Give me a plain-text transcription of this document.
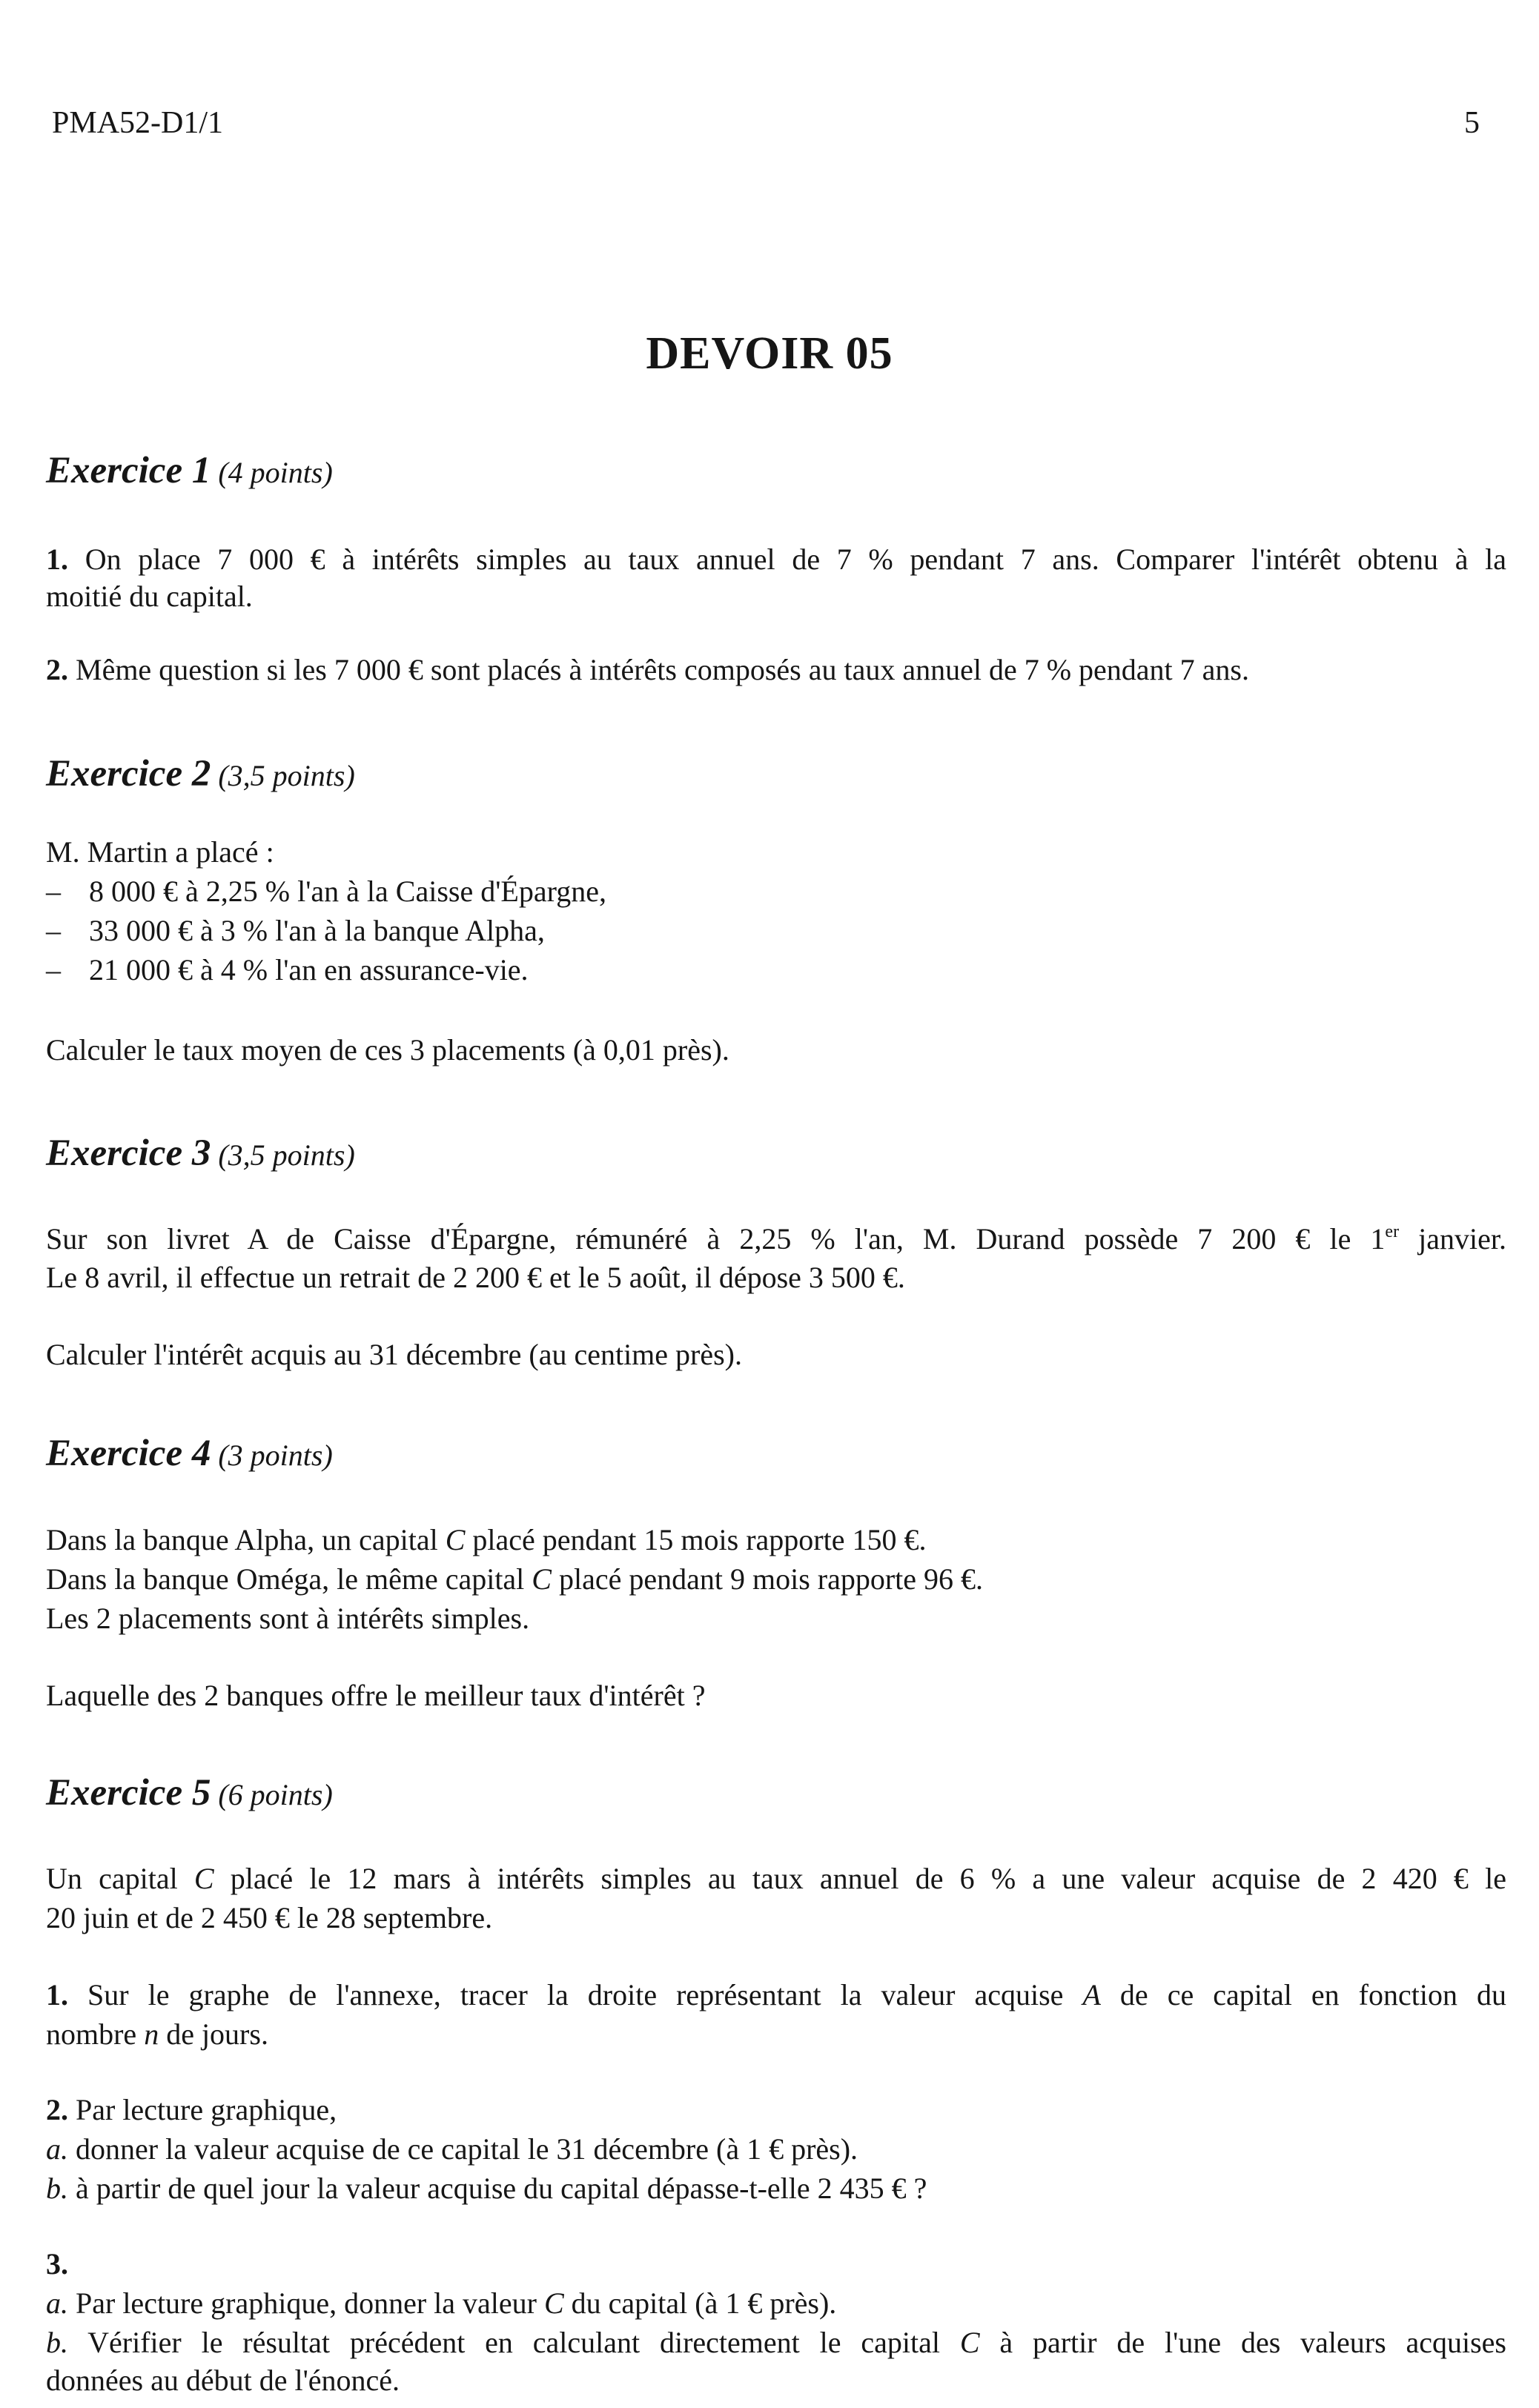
PMA52-D1/1	5
DEVOIR 05
Exercice 1 (4 points)
1. On place 7 000 € à intérêts simples au taux annuel de 7 % pendant 7 ans. Comparer l'intérêt obtenu à la
moitié du capital.
2. Même question si les 7 000 € sont placés à intérêts composés au taux annuel de 7 % pendant 7 ans.
Exercice 2 (3,5 points)
M. Martin a placé :
– 8 000 € à 2,25 % l'an à la Caisse d'Épargne,
– 33 000 € à 3 % l'an à la banque Alpha,
– 21 000 € à 4 % l'an en assurance-vie.
Calculer le taux moyen de ces 3 placements (à 0,01 près).
Exercice 3 (3,5 points)
Sur son livret A de Caisse d'Épargne, rémunéré à 2,25 % l'an, M. Durand possède 7 200 € le 1er janvier.
Le 8 avril, il effectue un retrait de 2 200 € et le 5 août, il dépose 3 500 €.
Calculer l'intérêt acquis au 31 décembre (au centime près).
Exercice 4 (3 points)
Dans la banque Alpha, un capital C placé pendant 15 mois rapporte 150 €.
Dans la banque Oméga, le même capital C placé pendant 9 mois rapporte 96 €.
Les 2 placements sont à intérêts simples.
Laquelle des 2 banques offre le meilleur taux d'intérêt ?
Exercice 5 (6 points)
Un capital C placé le 12 mars à intérêts simples au taux annuel de 6 % a une valeur acquise de 2 420 € le
20 juin et de 2 450 € le 28 septembre.
1. Sur le graphe de l'annexe, tracer la droite représentant la valeur acquise A de ce capital en fonction du
nombre n de jours.
2. Par lecture graphique,
a. donner la valeur acquise de ce capital le 31 décembre (à 1 € près).
b. à partir de quel jour la valeur acquise du capital dépasse-t-elle 2 435 € ?
3.
a. Par lecture graphique, donner la valeur C du capital (à 1 € près).
b. Vérifier le résultat précédent en calculant directement le capital C à partir de l'une des valeurs acquises
données au début de l'énoncé.
